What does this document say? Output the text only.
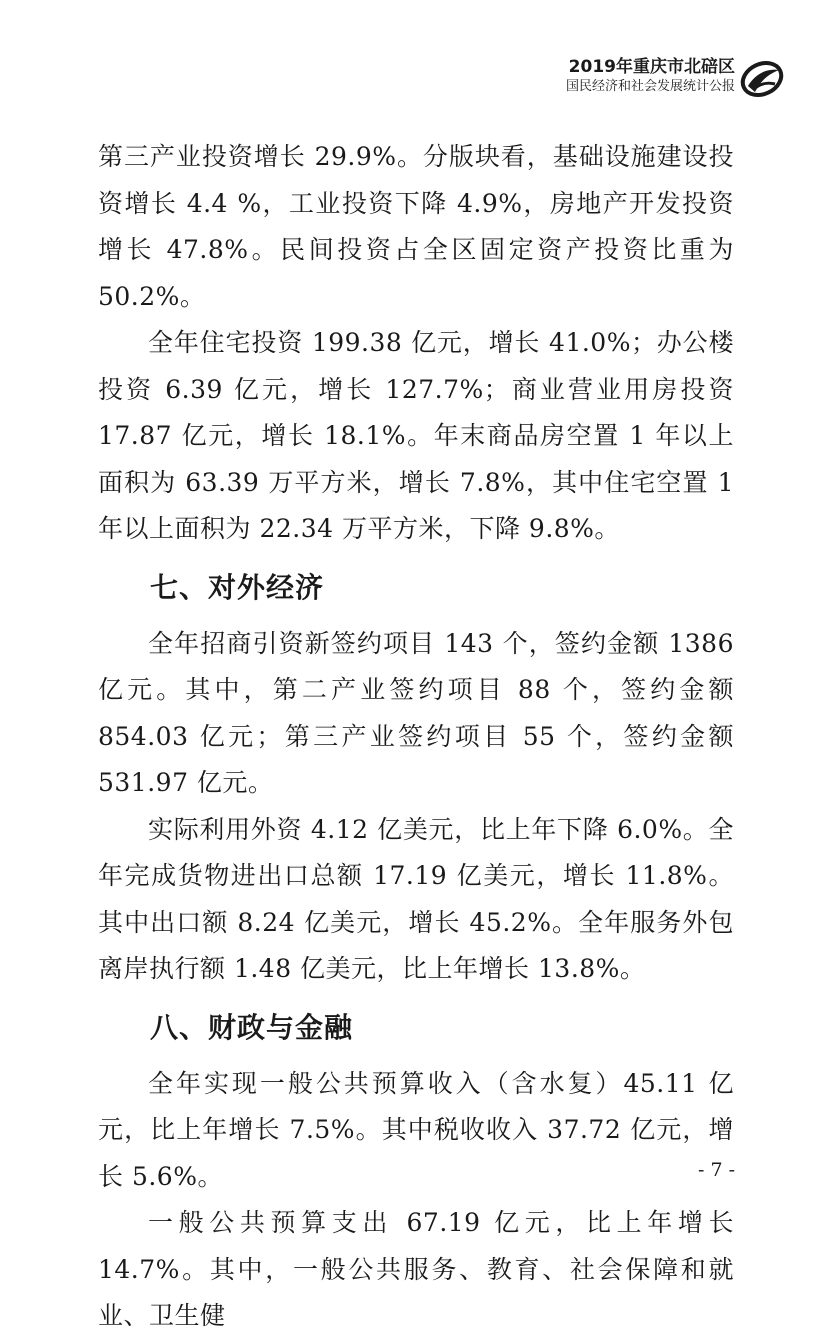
2019年重庆市北碚区
国民经济和社会发展统计公报

第三产业投资增长 29.9%。分版块看，基础设施建设投资增长 4.4 %，工业投资下降 4.9%，房地产开发投资增长 47.8%。民间投资占全区固定资产投资比重为 50.2%。

全年住宅投资 199.38 亿元，增长 41.0%；办公楼投资 6.39 亿元，增长 127.7%；商业营业用房投资 17.87 亿元，增长 18.1%。年末商品房空置 1 年以上面积为 63.39 万平方米，增长 7.8%，其中住宅空置 1 年以上面积为 22.34 万平方米，下降 9.8%。

七、对外经济

全年招商引资新签约项目 143 个，签约金额 1386 亿元。其中，第二产业签约项目 88 个，签约金额 854.03 亿元；第三产业签约项目 55 个，签约金额 531.97 亿元。

实际利用外资 4.12 亿美元，比上年下降 6.0%。全年完成货物进出口总额 17.19 亿美元，增长 11.8%。其中出口额 8.24 亿美元，增长 45.2%。全年服务外包离岸执行额 1.48 亿美元，比上年增长 13.8%。

八、财政与金融

全年实现一般公共预算收入（含水复）45.11 亿元，比上年增长 7.5%。其中税收收入 37.72 亿元，增长 5.6%。

一般公共预算支出 67.19 亿元，比上年增长 14.7%。其中，一般公共服务、教育、社会保障和就业、卫生健

- 7 -
